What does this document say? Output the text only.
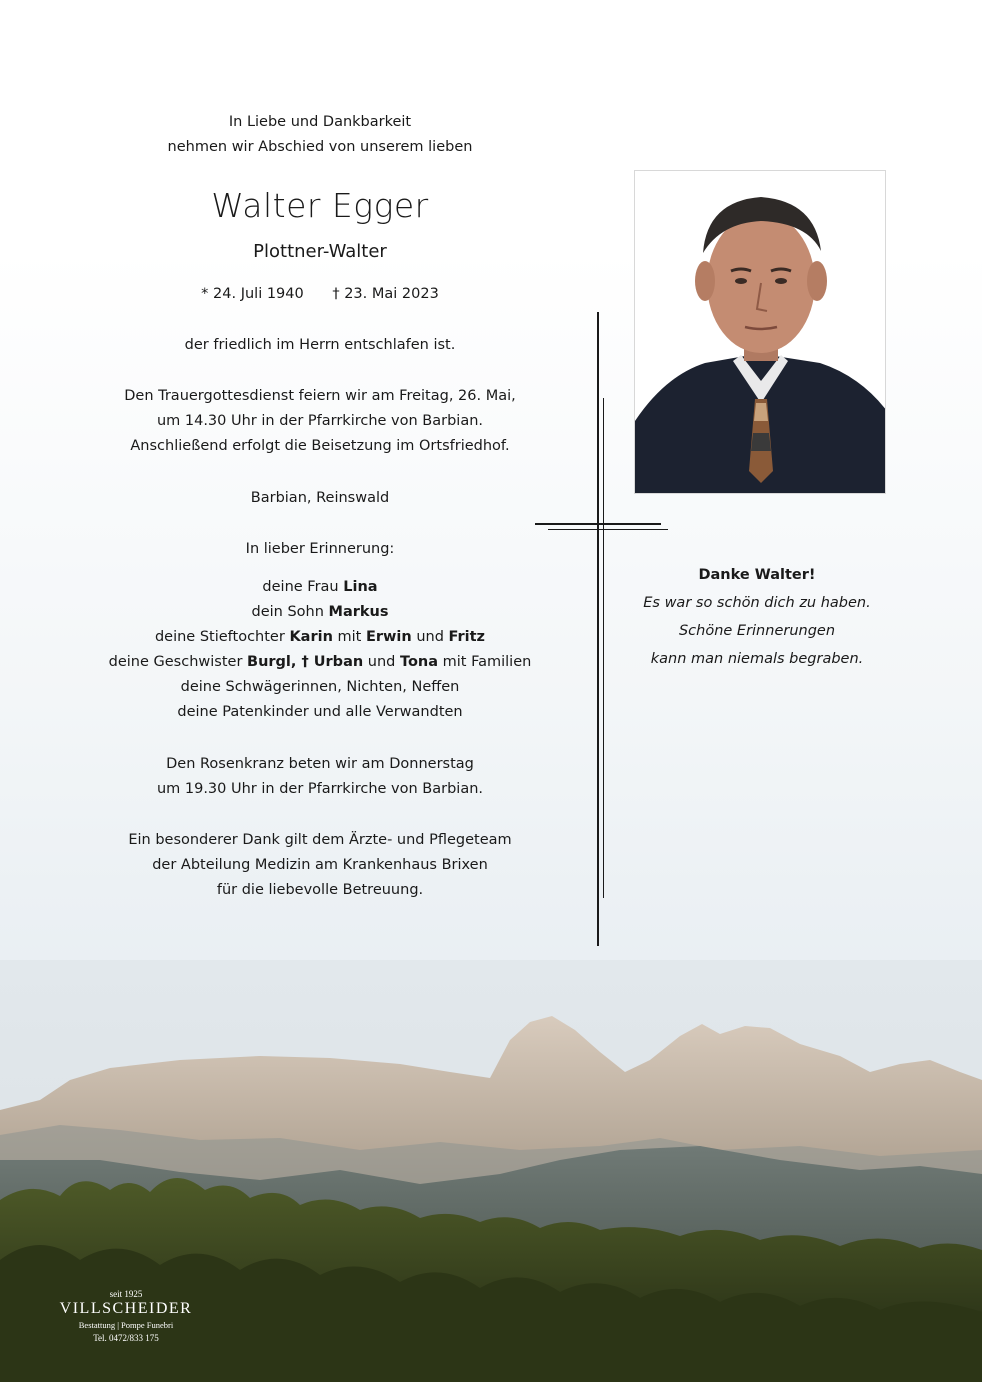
In Liebe und Dankbarkeit
nehmen wir Abschied von unserem lieben
Walter Egger
Plottner-Walter
* 24. Juli 1940 † 23. Mai 2023

der friedlich im Herrn entschlafen ist.

Den Trauergottesdienst feiern wir am Freitag, 26. Mai,

um 14.30 Uhr in der Pfarrkirche von Barbian.

Anschließend erfolgt die Beisetzung im Ortsfriedhof.

Barbian, Reinswald

In lieber Erinnerung:

deine Frau Lina

dein Sohn Markus

deine Stieftochter Karin mit Erwin und Fritz

deine Geschwister Burgl, † Urban und Tona mit Familien

deine Schwägerinnen, Nichten, Neffen

deine Patenkinder und alle Verwandten

Den Rosenkranz beten wir am Donnerstag

um 19.30 Uhr in der Pfarrkirche von Barbian.

Ein besonderer Dank gilt dem Ärzte- und Pflegeteam

der Abteilung Medizin am Krankenhaus Brixen

für die liebevolle Betreuung.

Danke Walter!
Es war so schön dich zu haben.
Schöne Erinnerungen
kann man niemals begraben.
seit 1925
VILLSCHEIDER
Bestattung | Pompe Funebri
Tel. 0472/833 175
